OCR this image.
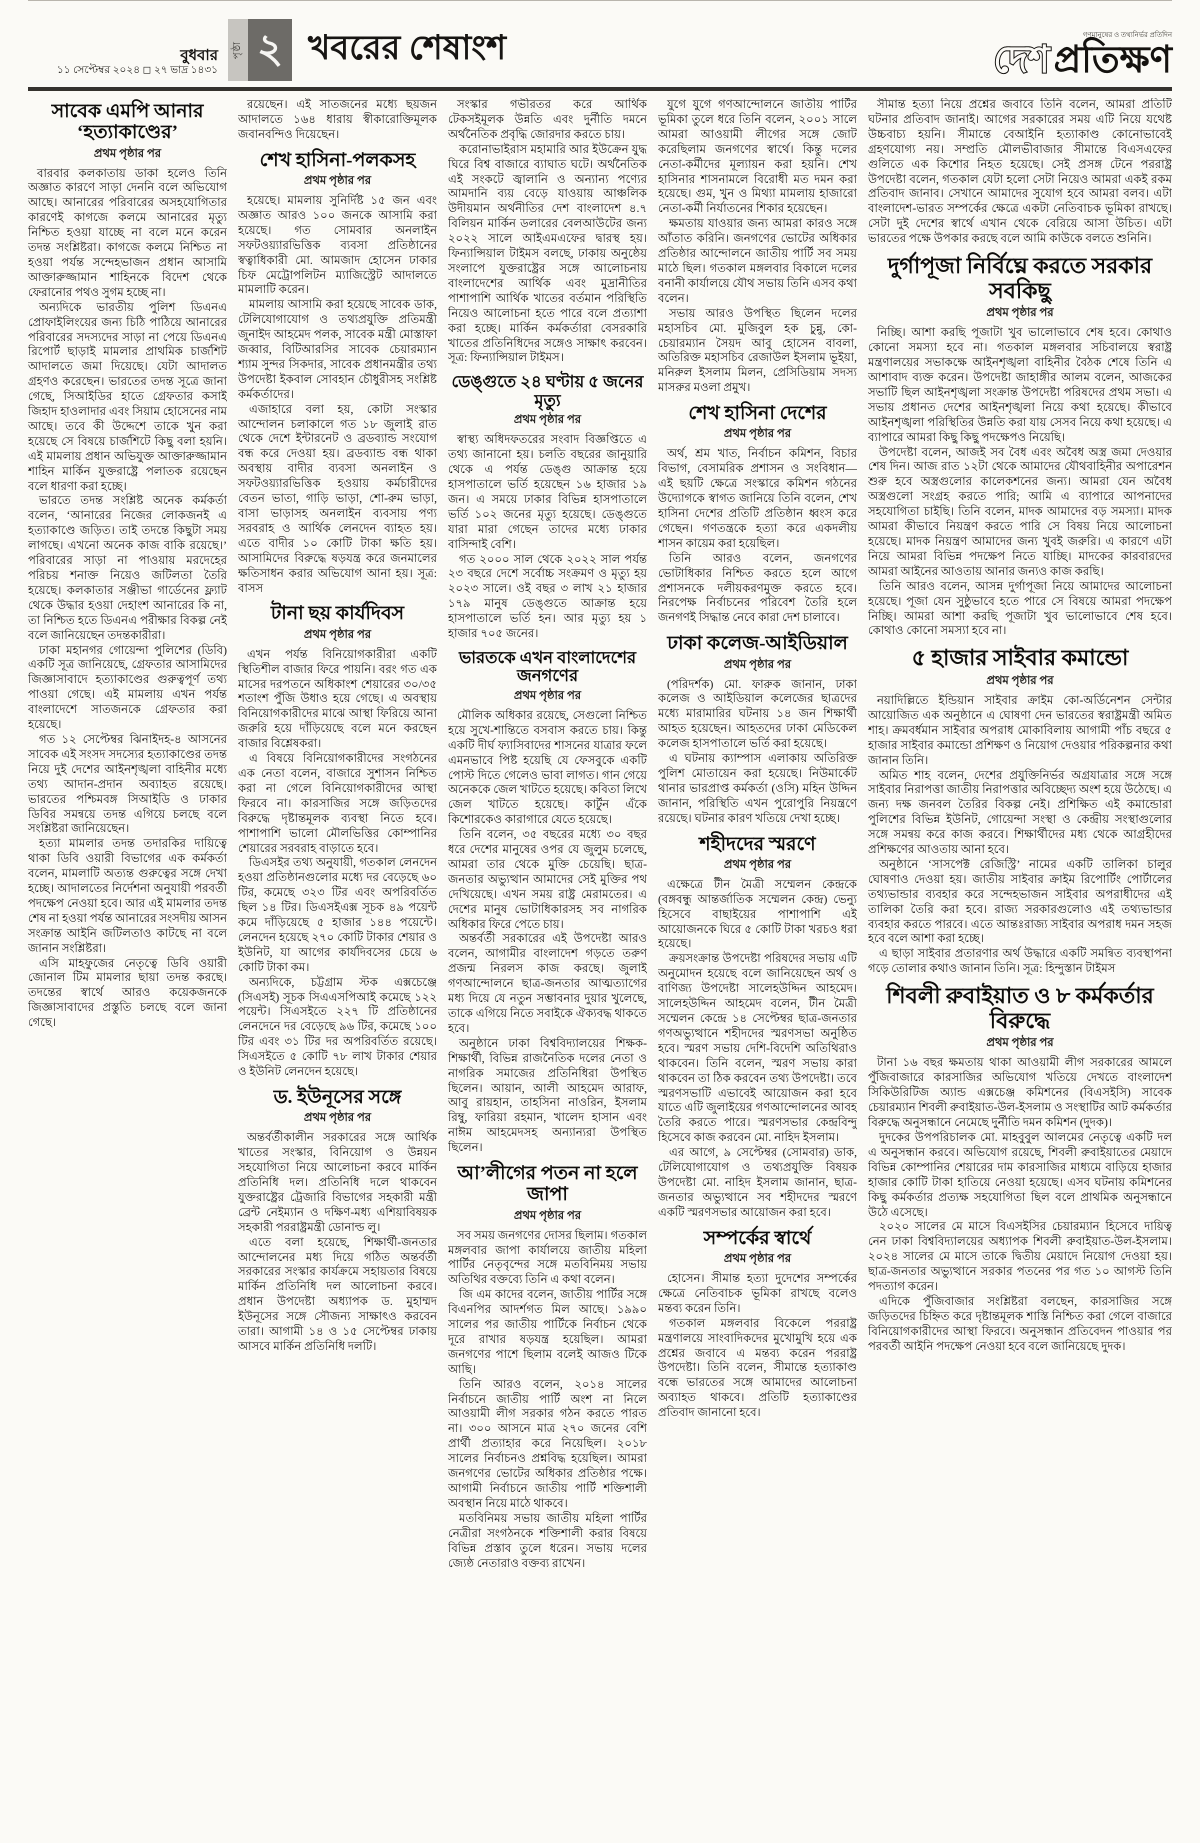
বুধবার
১১ সেপ্টেম্বর ২০২৪ ◻ ২৭ ভাদ্র ১৪৩১
পৃষ্ঠা ২ খবরের শেষাংশ	গণমানুষের ও তথ্যনির্ভর প্রতিদিন
দেশ প্রতিক্ষণ
সাবেক এমপি আনার ‘হত্যাকাণ্ডের’
প্রথম পৃষ্ঠার পর

বারবার কলকাতায় ডাকা হলেও তিনি অজ্ঞাত কারণে সাড়া দেননি বলে অভিযোগ আছে। আনারের পরিবারের অসহযোগিতার কারণেই কাগজে কলমে আনারের মৃত্যু নিশ্চিত হওয়া যাচ্ছে না বলে মনে করেন তদন্ত সংশ্লিষ্টরা। কাগজে কলমে নিশ্চিত না হওয়া পর্যন্ত সন্দেহভাজন প্রধান আসামি আক্তারুজ্জামান শাহিনকে বিদেশ থেকে ফেরানোর পথও সুগম হচ্ছে না।

অন্যদিকে ভারতীয় পুলিশ ডিএনএ প্রোফাইলিংয়ের জন্য চিঠি পাঠিয়ে আনারের পরিবারের সদস্যদের সাড়া না পেয়ে ডিএনএ রিপোর্ট ছাড়াই মামলার প্রাথমিক চার্জশিট আদালতে জমা দিয়েছে। যেটা আদালত গ্রহণও করেছেন। ভারতের তদন্ত সূত্রে জানা গেছে, সিআইডির হাতে গ্রেফতার কসাই জিহাদ হাওলাদার এবং সিয়াম হোসেনের নাম আছে। তবে কী উদ্দেশে তাকে খুন করা হয়েছে সে বিষয়ে চার্জশিটে কিছু বলা হয়নি। এই মামলায় প্রধান অভিযুক্ত আক্তারুজ্জামান শাহিন মার্কিন যুক্তরাষ্ট্রে পলাতক রয়েছেন বলে ধারণা করা হচ্ছে।

ভারতে তদন্ত সংশ্লিষ্ট অনেক কর্মকর্তা বলেন, ‘আনারের নিজের লোকজনই এ হত্যাকাণ্ডে জড়িত। তাই তদন্তে কিছুটা সময় লাগছে। এখনো অনেক কাজ বাকি রয়েছে।’ পরিবারের সাড়া না পাওয়ায় মরদেহের পরিচয় শনাক্ত নিয়েও জটিলতা তৈরি হয়েছে। কলকাতার সঞ্জীভা গার্ডেনের ফ্ল্যাট থেকে উদ্ধার হওয়া দেহাংশ আনারের কি না, তা নিশ্চিত হতে ডিএনএ পরীক্ষার বিকল্প নেই বলে জানিয়েছেন তদন্তকারীরা।

ঢাকা মহানগর গোয়েন্দা পুলিশের (ডিবি) একটি সূত্র জানিয়েছে, গ্রেফতার আসামিদের জিজ্ঞাসাবাদে হত্যাকাণ্ডের গুরুত্বপূর্ণ তথ্য পাওয়া গেছে। এই মামলায় এখন পর্যন্ত বাংলাদেশে সাতজনকে গ্রেফতার করা হয়েছে।

গত ১২ সেপ্টেম্বর ঝিনাইদহ-৪ আসনের সাবেক এই সংসদ সদস্যের হত্যাকাণ্ডের তদন্ত নিয়ে দুই দেশের আইনশৃঙ্খলা বাহিনীর মধ্যে তথ্য আদান-প্রদান অব্যাহত রয়েছে। ভারতের পশ্চিমবঙ্গ সিআইডি ও ঢাকার ডিবির সমন্বয়ে তদন্ত এগিয়ে চলছে বলে সংশ্লিষ্টরা জানিয়েছেন।

হত্যা মামলার তদন্ত তদারকির দায়িত্বে থাকা ডিবি ওয়ারী বিভাগের এক কর্মকর্তা বলেন, মামলাটি অত্যন্ত গুরুত্বের সঙ্গে দেখা হচ্ছে। আদালতের নির্দেশনা অনুযায়ী পরবর্তী পদক্ষেপ নেওয়া হবে। আর এই মামলার তদন্ত শেষ না হওয়া পর্যন্ত আনারের সংসদীয় আসন সংক্রান্ত আইনি জটিলতাও কাটছে না বলে জানান সংশ্লিষ্টরা।

এসি মাহফুজের নেতৃত্বে ডিবি ওয়ারী জোনাল টিম মামলার ছায়া তদন্ত করছে। তদন্তের স্বার্থে আরও কয়েকজনকে জিজ্ঞাসাবাদের প্রস্তুতি চলছে বলে জানা গেছে।

রয়েছেন। এই সাতজনের মধ্যে ছয়জন আদালতে ১৬৪ ধারায় স্বীকারোক্তিমূলক জবানবন্দিও দিয়েছেন।

শেখ হাসিনা-পলকসহ
প্রথম পৃষ্ঠার পর

হয়েছে। মামলায় সুনির্দিষ্ট ১৫ জন এবং অজ্ঞাত আরও ১০০ জনকে আসামি করা হয়েছে। গত সোমবার অনলাইন সফটওয়্যারভিত্তিক ব্যবসা প্রতিষ্ঠানের স্বত্বাধিকারী মো. আমজাদ হোসেন ঢাকার চিফ মেট্রোপলিটন ম্যাজিস্ট্রেট আদালতে মামলাটি করেন।

মামলায় আসামি করা হয়েছে সাবেক ডাক, টেলিযোগাযোগ ও তথ্যপ্রযুক্তি প্রতিমন্ত্রী জুনাইদ আহমেদ পলক, সাবেক মন্ত্রী মোস্তাফা জব্বার, বিটিআরসির সাবেক চেয়ারম্যান শ্যাম সুন্দর সিকদার, সাবেক প্রধানমন্ত্রীর তথ্য উপদেষ্টা ইকবাল সোবহান চৌধুরীসহ সংশ্লিষ্ট কর্মকর্তাদের।

এজাহারে বলা হয়, কোটা সংস্কার আন্দোলন চলাকালে গত ১৮ জুলাই রাত থেকে দেশে ইন্টারনেট ও ব্রডব্যান্ড সংযোগ বন্ধ করে দেওয়া হয়। ব্রডব্যান্ড বন্ধ থাকা অবস্থায় বাদীর ব্যবসা অনলাইন ও সফটওয়্যারভিত্তিক হওয়ায় কর্মচারীদের বেতন ভাতা, গাড়ি ভাড়া, শো-রুম ভাড়া, বাসা ভাড়াসহ অনলাইন ব্যবসায় পণ্য সরবরাহ ও আর্থিক লেনদেন ব্যাহত হয়। এতে বাদীর ১০ কোটি টাকা ক্ষতি হয়। আসামিদের বিরুদ্ধে ষড়যন্ত্র করে জনমালের ক্ষতিসাধন করার অভিযোগ আনা হয়। সূত্র: বাসস

টানা ছয় কার্যদিবস
প্রথম পৃষ্ঠার পর

এখন পর্যন্ত বিনিয়োগকারীরা একটি স্থিতিশীল বাজার ফিরে পায়নি। বরং গত এক মাসের দরপতনে অধিকাংশ শেয়ারের ৩০/৩৫ শতাংশ পুঁজি উধাও হয়ে গেছে। এ অবস্থায় বিনিয়োগকারীদের মাঝে আস্থা ফিরিয়ে আনা জরুরি হয়ে দাঁড়িয়েছে বলে মনে করছেন বাজার বিশ্লেষকরা।

এ বিষয়ে বিনিয়োগকারীদের সংগঠনের এক নেতা বলেন, বাজারে সুশাসন নিশ্চিত করা না গেলে বিনিয়োগকারীদের আস্থা ফিরবে না। কারসাজির সঙ্গে জড়িতদের বিরুদ্ধে দৃষ্টান্তমূলক ব্যবস্থা নিতে হবে। পাশাপাশি ভালো মৌলভিত্তির কোম্পানির শেয়ারের সরবরাহ বাড়াতে হবে।

ডিএসইর তথ্য অনুযায়ী, গতকাল লেনদেন হওয়া প্রতিষ্ঠানগুলোর মধ্যে দর বেড়েছে ৬০ টির, কমেছে ৩২৩ টির এবং অপরিবর্তিত ছিল ১৪ টির। ডিএসইএক্স সূচক ৪৯ পয়েন্ট কমে দাঁড়িয়েছে ৫ হাজার ১৪৪ পয়েন্টে। লেনদেন হয়েছে ২৭০ কোটি টাকার শেয়ার ও ইউনিট, যা আগের কার্যদিবসের চেয়ে ৬ কোটি টাকা কম।

অন্যদিকে, চট্টগ্রাম স্টক এক্সচেঞ্জে (সিএসই) সূচক সিএএসপিআই কমেছে ১২২ পয়েন্ট। সিএসইতে ২২৭ টি প্রতিষ্ঠানের লেনদেনে দর বেড়েছে ৯৬ টির, কমেছে ১০০ টির এবং ৩১ টির দর অপরিবর্তিত রয়েছে। সিএসইতে ৫ কোটি ৭৮ লাখ টাকার শেয়ার ও ইউনিট লেনদেন হয়েছে।

ড. ইউনূসের সঙ্গে
প্রথম পৃষ্ঠার পর

অন্তর্বর্তীকালীন সরকারের সঙ্গে আর্থিক খাতের সংস্কার, বিনিয়োগ ও উন্নয়ন সহযোগিতা নিয়ে আলোচনা করবে মার্কিন প্রতিনিধি দল। প্রতিনিধি দলে থাকবেন যুক্তরাষ্ট্রের ট্রেজারি বিভাগের সহকারী মন্ত্রী ব্রেন্ট নেইম্যান ও দক্ষিণ-মধ্য এশিয়াবিষয়ক সহকারী পররাষ্ট্রমন্ত্রী ডোনাল্ড লু।

এতে বলা হয়েছে, শিক্ষার্থী-জনতার আন্দোলনের মধ্য দিয়ে গঠিত অন্তর্বর্তী সরকারের সংস্কার কার্যক্রমে সহায়তার বিষয়ে মার্কিন প্রতিনিধি দল আলোচনা করবে। প্রধান উপদেষ্টা অধ্যাপক ড. মুহাম্মদ ইউনূসের সঙ্গে সৌজন্য সাক্ষাৎও করবেন তারা। আগামী ১৪ ও ১৫ সেপ্টেম্বর ঢাকায় আসবে মার্কিন প্রতিনিধি দলটি।

সংস্কার গভীরতর করে আর্থিক টেকসইমূলক উন্নতি এবং দুর্নীতি দমনে অর্থনৈতিক প্রবৃদ্ধি জোরদার করতে চায়।

করোনাভাইরাস মহামারি আর ইউক্রেন যুদ্ধ ঘিরে বিশ্ব বাজারে ব্যাঘাত ঘটে। অর্থনৈতিক এই সংকটে জ্বালানি ও অন্যান্য পণ্যের আমদানি ব্যয় বেড়ে যাওয়ায় আঞ্চলিক উদীয়মান অর্থনীতির দেশ বাংলাদেশ ৪.৭ বিলিয়ন মার্কিন ডলারের বেলআউটের জন্য ২০২২ সালে আইএমএফের দ্বারস্থ হয়। ফিন্যান্সিয়াল টাইমস বলছে, ঢাকায় অনুষ্ঠেয় সংলাপে যুক্তরাষ্ট্রের সঙ্গে আলোচনায় বাংলাদেশের আর্থিক এবং মুদ্রানীতির পাশাপাশি আর্থিক খাতের বর্তমান পরিস্থিতি নিয়েও আলোচনা হতে পারে বলে প্রত্যাশা করা হচ্ছে। মার্কিন কর্মকর্তারা বেসরকারি খাতের প্রতিনিধিদের সঙ্গেও সাক্ষাৎ করবেন। সূত্র: ফিন্যান্সিয়াল টাইমস।

ডেঙ্গুতে ২৪ ঘণ্টায় ৫ জনের মৃত্যু
প্রথম পৃষ্ঠার পর

স্বাস্থ্য অধিদফতরের সংবাদ বিজ্ঞপ্তিতে এ তথ্য জানানো হয়। চলতি বছরের জানুয়ারি থেকে এ পর্যন্ত ডেঙ্গু আক্রান্ত হয়ে হাসপাতালে ভর্তি হয়েছেন ১৬ হাজার ১৯ জন। এ সময়ে ঢাকার বিভিন্ন হাসপাতালে ভর্তি ১০২ জনের মৃত্যু হয়েছে। ডেঙ্গুতে যারা মারা গেছেন তাদের মধ্যে ঢাকার বাসিন্দাই বেশি।

গত ২০০০ সাল থেকে ২০২২ সাল পর্যন্ত ২৩ বছরে দেশে সর্বোচ্চ সংক্রমণ ও মৃত্যু হয় ২০২৩ সালে। ওই বছর ৩ লাখ ২১ হাজার ১৭৯ মানুষ ডেঙ্গুতে আক্রান্ত হয়ে হাসপাতালে ভর্তি হন। আর মৃত্যু হয় ১ হাজার ৭০৫ জনের।

ভারতকে এখন বাংলাদেশের জনগণের
প্রথম পৃষ্ঠার পর

মৌলিক অধিকার রয়েছে, সেগুলো নিশ্চিত হয়ে সুখে-শান্তিতে বসবাস করতে চায়। কিন্তু একটি দীর্ঘ ফ্যাসিবাদের শাসনের যাত্রার ফলে এমনভাবে পিষ্ট হয়েছি যে ফেসবুকে একটি পোস্ট দিতে গেলেও ভাবা লাগত। গান গেয়ে অনেককে জেল খাটতে হয়েছে। কবিতা লিখে জেল খাটতে হয়েছে। কার্টুন এঁকে কিশোরকেও কারাগারে যেতে হয়েছে।

তিনি বলেন, ৩৫ বছরের মধ্যে ৩০ বছর ধরে দেশের মানুষের ওপর যে জুলুম চলেছে, আমরা তার থেকে মুক্তি চেয়েছি। ছাত্র-জনতার অভ্যুত্থান আমাদের সেই মুক্তির পথ দেখিয়েছে। এখন সময় রাষ্ট্র মেরামতের। এ দেশের মানুষ ভোটাধিকারসহ সব নাগরিক অধিকার ফিরে পেতে চায়।

অন্তর্বর্তী সরকারের এই উপদেষ্টা আরও বলেন, আগামীর বাংলাদেশ গড়তে তরুণ প্রজন্ম নিরলস কাজ করছে। জুলাই গণআন্দোলনে ছাত্র-জনতার আত্মত্যাগের মধ্য দিয়ে যে নতুন সম্ভাবনার দুয়ার খুলেছে, তাকে এগিয়ে নিতে সবাইকে ঐক্যবদ্ধ থাকতে হবে।

অনুষ্ঠানে ঢাকা বিশ্ববিদ্যালয়ের শিক্ষক-শিক্ষার্থী, বিভিন্ন রাজনৈতিক দলের নেতা ও নাগরিক সমাজের প্রতিনিধিরা উপস্থিত ছিলেন। আয়ান, আলী আহমেদ আরাফ, আবু রায়হান, তাহসিনা নাওরিন, ইসলাম রিম্বু, ফারিয়া রহমান, খালেদ হাসান এবং নাঈম আহমেদসহ অন্যান্যরা উপস্থিত ছিলেন।

আ’লীগের পতন না হলে জাপা
প্রথম পৃষ্ঠার পর

সব সময় জনগণের দোসর ছিলাম। গতকাল মঙ্গলবার জাপা কার্যালয়ে জাতীয় মহিলা পার্টির নেতৃবৃন্দের সঙ্গে মতবিনিময় সভায় অতিথির বক্তব্যে তিনি এ কথা বলেন।

জি এম কাদের বলেন, জাতীয় পার্টির সঙ্গে বিএনপির আদর্শগত মিল আছে। ১৯৯০ সালের পর জাতীয় পার্টিকে নির্বাচন থেকে দূরে রাখার ষড়যন্ত্র হয়েছিল। আমরা জনগণের পাশে ছিলাম বলেই আজও টিকে আছি।

তিনি আরও বলেন, ২০১৪ সালের নির্বাচনে জাতীয় পার্টি অংশ না নিলে আওয়ামী লীগ সরকার গঠন করতে পারত না। ৩০০ আসনে মাত্র ২৭০ জনের বেশি প্রার্থী প্রত্যাহার করে নিয়েছিল। ২০১৮ সালের নির্বাচনও প্রশ্নবিদ্ধ হয়েছিল। আমরা জনগণের ভোটের অধিকার প্রতিষ্ঠার পক্ষে। আগামী নির্বাচনে জাতীয় পার্টি শক্তিশালী অবস্থান নিয়ে মাঠে থাকবে।

মতবিনিময় সভায় জাতীয় মহিলা পার্টির নেত্রীরা সংগঠনকে শক্তিশালী করার বিষয়ে বিভিন্ন প্রস্তাব তুলে ধরেন। সভায় দলের জ্যেষ্ঠ নেতারাও বক্তব্য রাখেন।

যুগে যুগে গণআন্দোলনে জাতীয় পার্টির ভূমিকা তুলে ধরে তিনি বলেন, ২০০১ সালে আমরা আওয়ামী লীগের সঙ্গে জোট করেছিলাম জনগণের স্বার্থে। কিন্তু দলের নেতা-কর্মীদের মূল্যায়ন করা হয়নি। শেখ হাসিনার শাসনামলে বিরোধী মত দমন করা হয়েছে। গুম, খুন ও মিথ্যা মামলায় হাজারো নেতা-কর্মী নির্যাতনের শিকার হয়েছেন।

ক্ষমতায় যাওয়ার জন্য আমরা কারও সঙ্গে আঁতাত করিনি। জনগণের ভোটের অধিকার প্রতিষ্ঠার আন্দোলনে জাতীয় পার্টি সব সময় মাঠে ছিল। গতকাল মঙ্গলবার বিকালে দলের বনানী কার্যালয়ে যৌথ সভায় তিনি এসব কথা বলেন।

সভায় আরও উপস্থিত ছিলেন দলের মহাসচিব মো. মুজিবুল হক চুন্নু, কো-চেয়ারম্যান সৈয়দ আবু হোসেন বাবলা, অতিরিক্ত মহাসচিব রেজাউল ইসলাম ভূইয়া, মনিরুল ইসলাম মিলন, প্রেসিডিয়াম সদস্য মাসরুর মওলা প্রমুখ।

শেখ হাসিনা দেশের
প্রথম পৃষ্ঠার পর

অর্থ, শ্রম খাত, নির্বাচন কমিশন, বিচার বিভাগ, বেসামরিক প্রশাসন ও সংবিধান— এই ছয়টি ক্ষেত্রে সংস্কারে কমিশন গঠনের উদ্যোগকে স্বাগত জানিয়ে তিনি বলেন, শেখ হাসিনা দেশের প্রতিটি প্রতিষ্ঠান ধ্বংস করে গেছেন। গণতন্ত্রকে হত্যা করে একদলীয় শাসন কায়েম করা হয়েছিল।

তিনি আরও বলেন, জনগণের ভোটাধিকার নিশ্চিত করতে হলে আগে প্রশাসনকে দলীয়করণমুক্ত করতে হবে। নিরপেক্ষ নির্বাচনের পরিবেশ তৈরি হলে জনগণই সিদ্ধান্ত নেবে কারা দেশ চালাবে।

ঢাকা কলেজ-আইডিয়াল
প্রথম পৃষ্ঠার পর

(পরিদর্শক) মো. ফারুক জানান, ঢাকা কলেজ ও আইডিয়াল কলেজের ছাত্রদের মধ্যে মারামারির ঘটনায় ১৪ জন শিক্ষার্থী আহত হয়েছেন। আহতদের ঢাকা মেডিকেল কলেজ হাসপাতালে ভর্তি করা হয়েছে।

এ ঘটনায় ক্যাম্পাস এলাকায় অতিরিক্ত পুলিশ মোতায়েন করা হয়েছে। নিউমার্কেট থানার ভারপ্রাপ্ত কর্মকর্তা (ওসি) মহিন উদ্দিন জানান, পরিস্থিতি এখন পুরোপুরি নিয়ন্ত্রণে রয়েছে। ঘটনার কারণ খতিয়ে দেখা হচ্ছে।

শহীদদের স্মরণে
প্রথম পৃষ্ঠার পর

এক্ষেত্রে টীন মৈত্রী সম্মেলন কেন্দ্রকে (বঙ্গবন্ধু আন্তর্জাতিক সম্মেলন কেন্দ্র) ভেন্যু হিসেবে বাছাইয়ের পাশাপাশি এই আয়োজনকে ঘিরে ৫ কোটি টাকা খরচও ধরা হয়েছে।

ক্রয়সংক্রান্ত উপদেষ্টা পরিষদের সভায় এটি অনুমোদন হয়েছে বলে জানিয়েছেন অর্থ ও বাণিজ্য উপদেষ্টা সালেহউদ্দিন আহমেদ। সালেহউদ্দিন আহমেদ বলেন, টীন মৈত্রী সম্মেলন কেন্দ্রে ১৪ সেপ্টেম্বর ছাত্র-জনতার গণঅভ্যুত্থানে শহীদদের স্মরণসভা অনুষ্ঠিত হবে। স্মরণ সভায় দেশি-বিদেশি অতিথিরাও থাকবেন। তিনি বলেন, স্মরণ সভায় কারা থাকবেন তা ঠিক করবেন তথ্য উপদেষ্টা। তবে স্মরণসভাটি এভাবেই আয়োজন করা হবে যাতে এটি জুলাইয়ের গণআন্দোলনের আবহ তৈরি করতে পারে। স্মরণসভার কেন্দ্রবিন্দু হিসেবে কাজ করবেন মো. নাহিদ ইসলাম।

এর আগে, ৯ সেপ্টেম্বর (সোমবার) ডাক, টেলিযোগাযোগ ও তথ্যপ্রযুক্তি বিষয়ক উপদেষ্টা মো. নাহিদ ইসলাম জানান, ছাত্র-জনতার অভ্যুত্থানে সব শহীদদের স্মরণে একটি স্মরণসভার আয়োজন করা হবে।

সম্পর্কের স্বার্থে
প্রথম পৃষ্ঠার পর

হোসেন। সীমান্ত হত্যা দুদেশের সম্পর্কের ক্ষেত্রে নেতিবাচক ভূমিকা রাখছে বলেও মন্তব্য করেন তিনি।

গতকাল মঙ্গলবার বিকেলে পররাষ্ট্র মন্ত্রণালয়ে সাংবাদিকদের মুখোমুখি হয়ে এক প্রশ্নের জবাবে এ মন্তব্য করেন পররাষ্ট্র উপদেষ্টা। তিনি বলেন, সীমান্তে হত্যাকাণ্ড বন্ধে ভারতের সঙ্গে আমাদের আলোচনা অব্যাহত থাকবে। প্রতিটি হত্যাকাণ্ডের প্রতিবাদ জানানো হবে।

সীমান্ত হত্যা নিয়ে প্রশ্নের জবাবে তিনি বলেন, আমরা প্রতিটি ঘটনার প্রতিবাদ জানাই। আগের সরকারের সময় এটি নিয়ে যথেষ্ট উচ্চবাচ্য হয়নি। সীমান্তে বেআইনি হত্যাকাণ্ড কোনোভাবেই গ্রহণযোগ্য নয়। সম্প্রতি মৌলভীবাজার সীমান্তে বিএসএফের গুলিতে এক কিশোর নিহত হয়েছে। সেই প্রসঙ্গ টেনে পররাষ্ট্র উপদেষ্টা বলেন, গতকাল যেটা হলো সেটা নিয়েও আমরা একই রকম প্রতিবাদ জানাব। সেখানে আমাদের সুযোগ হবে আমরা বলব। এটা বাংলাদেশ-ভারত সম্পর্কের ক্ষেত্রে একটা নেতিবাচক ভূমিকা রাখছে। সেটা দুই দেশের স্বার্থে এখান থেকে বেরিয়ে আসা উচিত। এটা ভারতের পক্ষে উপকার করছে বলে আমি কাউকে বলতে শুনিনি।

দুর্গাপূজা নির্বিঘ্নে করতে সরকার সবকিছু
প্রথম পৃষ্ঠার পর

নিচ্ছি। আশা করছি পূজাটা খুব ভালোভাবে শেষ হবে। কোথাও কোনো সমস্যা হবে না। গতকাল মঙ্গলবার সচিবালয়ে স্বরাষ্ট্র মন্ত্রণালয়ের সভাকক্ষে আইনশৃঙ্খলা বাহিনীর বৈঠক শেষে তিনি এ আশাবাদ ব্যক্ত করেন। উপদেষ্টা জাহাঙ্গীর আলম বলেন, আজকের সভাটি ছিল আইনশৃঙ্খলা সংক্রান্ত উপদেষ্টা পরিষদের প্রথম সভা। এ সভায় প্রধানত দেশের আইনশৃঙ্খলা নিয়ে কথা হয়েছে। কীভাবে আইনশৃঙ্খলা পরিস্থিতির উন্নতি করা যায় সেসব নিয়ে কথা হয়েছে। এ ব্যাপারে আমরা কিছু কিছু পদক্ষেপও নিয়েছি।

উপদেষ্টা বলেন, আজই সব বৈধ এবং অবৈধ অস্ত্র জমা দেওয়ার শেষ দিন। আজ রাত ১২টা থেকে আমাদের যৌথবাহিনীর অপারেশন শুরু হবে অস্ত্রগুলোর কালেকশনের জন্য। আমরা যেন অবৈধ অস্ত্রগুলো সংগ্রহ করতে পারি; আমি এ ব্যাপারে আপনাদের সহযোগিতা চাইছি। তিনি বলেন, মাদক আমাদের বড় সমস্যা। মাদক আমরা কীভাবে নিয়ন্ত্রণ করতে পারি সে বিষয় নিয়ে আলোচনা হয়েছে। মাদক নিয়ন্ত্রণ আমাদের জন্য খুবই জরুরি। এ কারণে এটা নিয়ে আমরা বিভিন্ন পদক্ষেপ নিতে যাচ্ছি। মাদকের কারবারদের আমরা আইনের আওতায় আনার জন্যও কাজ করছি।

তিনি আরও বলেন, আসন্ন দুর্গাপূজা নিয়ে আমাদের আলোচনা হয়েছে। পূজা যেন সুষ্ঠুভাবে হতে পারে সে বিষয়ে আমরা পদক্ষেপ নিচ্ছি। আমরা আশা করছি পূজাটা খুব ভালোভাবে শেষ হবে। কোথাও কোনো সমস্যা হবে না।

৫ হাজার সাইবার কমান্ডো
প্রথম পৃষ্ঠার পর

নয়াদিল্লিতে ইন্ডিয়ান সাইবার ক্রাইম কো-অর্ডিনেশন সেন্টার আয়োজিত এক অনুষ্ঠানে এ ঘোষণা দেন ভারতের স্বরাষ্ট্রমন্ত্রী অমিত শাহ। ক্রমবর্ধমান সাইবার অপরাধ মোকাবিলায় আগামী পাঁচ বছরে ৫ হাজার সাইবার কমান্ডো প্রশিক্ষণ ও নিয়োগ দেওয়ার পরিকল্পনার কথা জানান তিনি।

অমিত শাহ বলেন, দেশের প্রযুক্তিনির্ভর অগ্রযাত্রার সঙ্গে সঙ্গে সাইবার নিরাপত্তা জাতীয় নিরাপত্তার অবিচ্ছেদ্য অংশ হয়ে উঠেছে। এ জন্য দক্ষ জনবল তৈরির বিকল্প নেই। প্রশিক্ষিত এই কমান্ডোরা পুলিশের বিভিন্ন ইউনিট, গোয়েন্দা সংস্থা ও কেন্দ্রীয় সংস্থাগুলোর সঙ্গে সমন্বয় করে কাজ করবে। শিক্ষার্থীদের মধ্য থেকে আগ্রহীদের প্রশিক্ষণের আওতায় আনা হবে।

অনুষ্ঠানে ‘সাসপেক্ট রেজিস্ট্রি’ নামের একটি তালিকা চালুর ঘোষণাও দেওয়া হয়। জাতীয় সাইবার ক্রাইম রিপোর্টিং পোর্টালের তথ্যভান্ডার ব্যবহার করে সন্দেহভাজন সাইবার অপরাধীদের এই তালিকা তৈরি করা হবে। রাজ্য সরকারগুলোও এই তথ্যভান্ডার ব্যবহার করতে পারবে। এতে আন্তঃরাজ্য সাইবার অপরাধ দমন সহজ হবে বলে আশা করা হচ্ছে।

এ ছাড়া সাইবার প্রতারণার অর্থ উদ্ধারে একটি সমন্বিত ব্যবস্থাপনা গড়ে তোলার কথাও জানান তিনি। সূত্র: হিন্দুস্তান টাইমস

শিবলী রুবাইয়াত ও ৮ কর্মকর্তার বিরুদ্ধে
প্রথম পৃষ্ঠার পর

টানা ১৬ বছর ক্ষমতায় থাকা আওয়ামী লীগ সরকারের আমলে পুঁজিবাজারে কারসাজির অভিযোগ খতিয়ে দেখতে বাংলাদেশ সিকিউরিটিজ অ্যান্ড এক্সচেঞ্জ কমিশনের (বিএসইসি) সাবেক চেয়ারম্যান শিবলী রুবাইয়াত-উল-ইসলাম ও সংস্থাটির আট কর্মকর্তার বিরুদ্ধে অনুসন্ধানে নেমেছে দুর্নীতি দমন কমিশন (দুদক)।

দুদকের উপপরিচালক মো. মাহবুবুল আলমের নেতৃত্বে একটি দল এ অনুসন্ধান করবে। অভিযোগ রয়েছে, শিবলী রুবাইয়াতের মেয়াদে বিভিন্ন কোম্পানির শেয়ারের দাম কারসাজির মাধ্যমে বাড়িয়ে হাজার হাজার কোটি টাকা হাতিয়ে নেওয়া হয়েছে। এসব ঘটনায় কমিশনের কিছু কর্মকর্তার প্রত্যক্ষ সহযোগিতা ছিল বলে প্রাথমিক অনুসন্ধানে উঠে এসেছে।

২০২০ সালের মে মাসে বিএসইসির চেয়ারম্যান হিসেবে দায়িত্ব নেন ঢাকা বিশ্ববিদ্যালয়ের অধ্যাপক শিবলী রুবাইয়াত-উল-ইসলাম। ২০২৪ সালের মে মাসে তাকে দ্বিতীয় মেয়াদে নিয়োগ দেওয়া হয়। ছাত্র-জনতার অভ্যুত্থানে সরকার পতনের পর গত ১০ আগস্ট তিনি পদত্যাগ করেন।

এদিকে পুঁজিবাজার সংশ্লিষ্টরা বলছেন, কারসাজির সঙ্গে জড়িতদের চিহ্নিত করে দৃষ্টান্তমূলক শাস্তি নিশ্চিত করা গেলে বাজারে বিনিয়োগকারীদের আস্থা ফিরবে। অনুসন্ধান প্রতিবেদন পাওয়ার পর পরবর্তী আইনি পদক্ষেপ নেওয়া হবে বলে জানিয়েছে দুদক।
